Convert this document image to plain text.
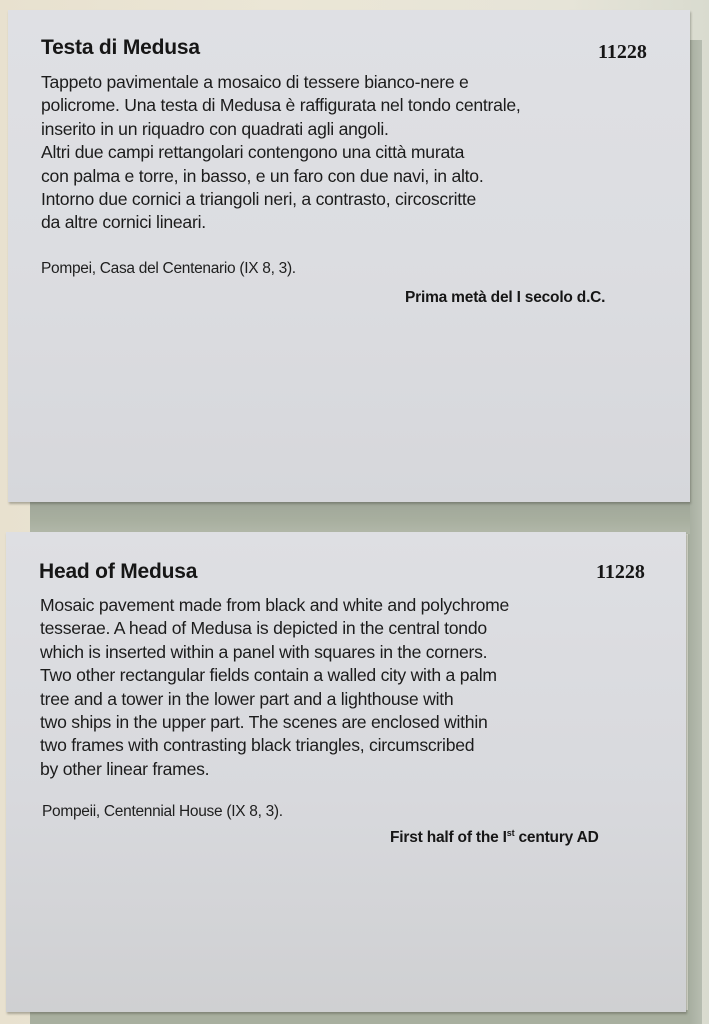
Testa di Medusa	11228
Tappeto pavimentale a mosaico di tessere bianco-nere e
policrome. Una testa di Medusa è raffigurata nel tondo centrale,
inserito in un riquadro con quadrati agli angoli.
Altri due campi rettangolari contengono una città murata
con palma e torre, in basso, e un faro con due navi, in alto.
Intorno due cornici a triangoli neri, a contrasto, circoscritte
da altre cornici lineari.
Pompei, Casa del Centenario (IX 8, 3).
Prima metà del I secolo d.C.
Head of Medusa	11228
Mosaic pavement made from black and white and polychrome
tesserae. A head of Medusa is depicted in the central tondo
which is inserted within a panel with squares in the corners.
Two other rectangular fields contain a walled city with a palm
tree and a tower in the lower part and a lighthouse with
two ships in the upper part. The scenes are enclosed within
two frames with contrasting black triangles, circumscribed
by other linear frames.
Pompeii, Centennial House (IX 8, 3).
First half of the Ist century AD
